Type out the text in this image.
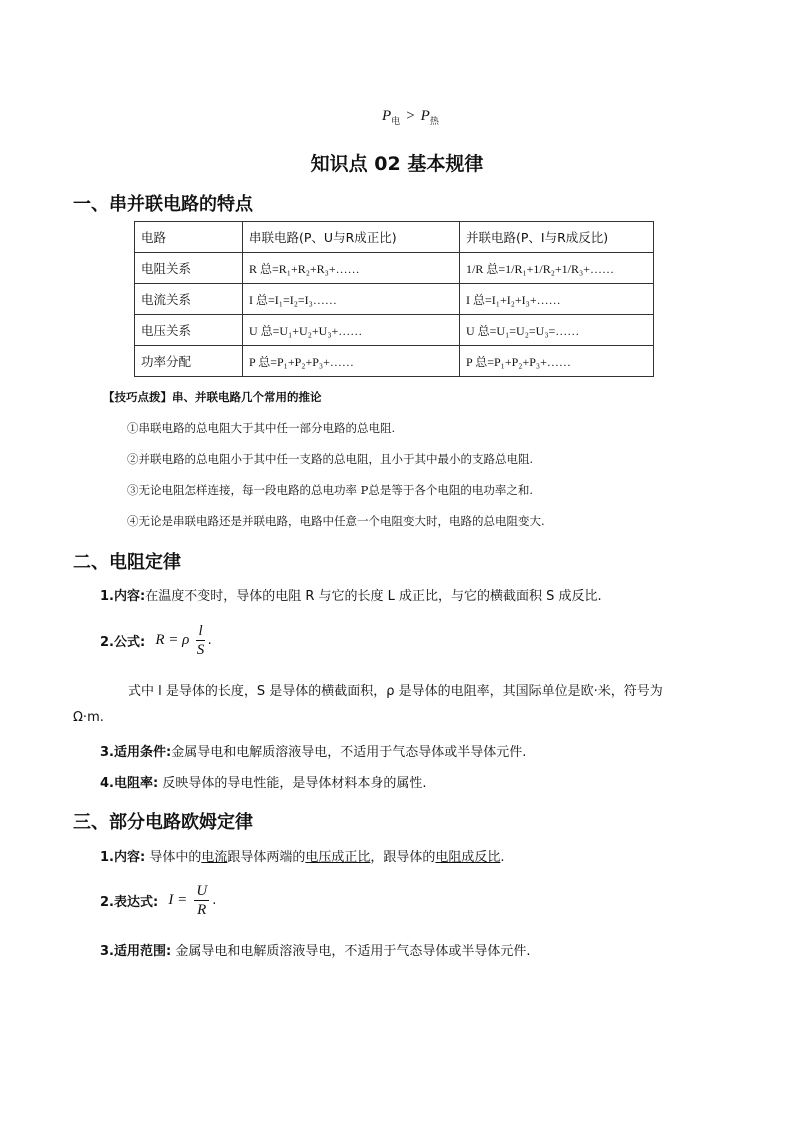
$P_电 > P_热$
知识点 02 基本规律
一、串并联电路的特点
电路	串联电路(P、U与R成正比)	并联电路(P、I与R成反比)
电阻关系	R 总=R₁+R₂+R₃+……	1/R 总=1/R₁+1/R₂+1/R₃+……
电流关系	I 总=I₁=I₂=I₃……	I 总=I₁+I₂+I₃+……
电压关系	U 总=U₁+U₂+U₃+……	U 总=U₁=U₂=U₃=……
功率分配	P 总=P₁+P₂+P₃+……	P 总=P₁+P₂+P₃+……
【技巧点拨】串、并联电路几个常用的推论
①串联电路的总电阻大于其中任一部分电路的总电阻.
②并联电路的总电阻小于其中任一支路的总电阻，且小于其中最小的支路总电阻.
③无论电阻怎样连接，每一段电路的总电功率 P总是等于各个电阻的电功率之和.
④无论是串联电路还是并联电路，电路中任意一个电阻变大时，电路的总电阻变大.
二、电阻定律
1.内容:在温度不变时，导体的电阻 R 与它的长度 L 成正比，与它的横截面积 S 成反比.
2.公式: R = ρ $\frac{l}{S}$ .
式中 l 是导体的长度，S 是导体的横截面积，ρ 是导体的电阻率，其国际单位是欧·米，符号为
Ω·m.
3.适用条件:金属导电和电解质溶液导电，不适用于气态导体或半导体元件.
4.电阻率: 反映导体的导电性能，是导体材料本身的属性.
三、部分电路欧姆定律
1.内容: 导体中的电流跟导体两端的电压成正比，跟导体的电阻成反比.
2.表达式: $I = \frac{U}{R}$ .
3.适用范围: 金属导电和电解质溶液导电，不适用于气态导体或半导体元件.
